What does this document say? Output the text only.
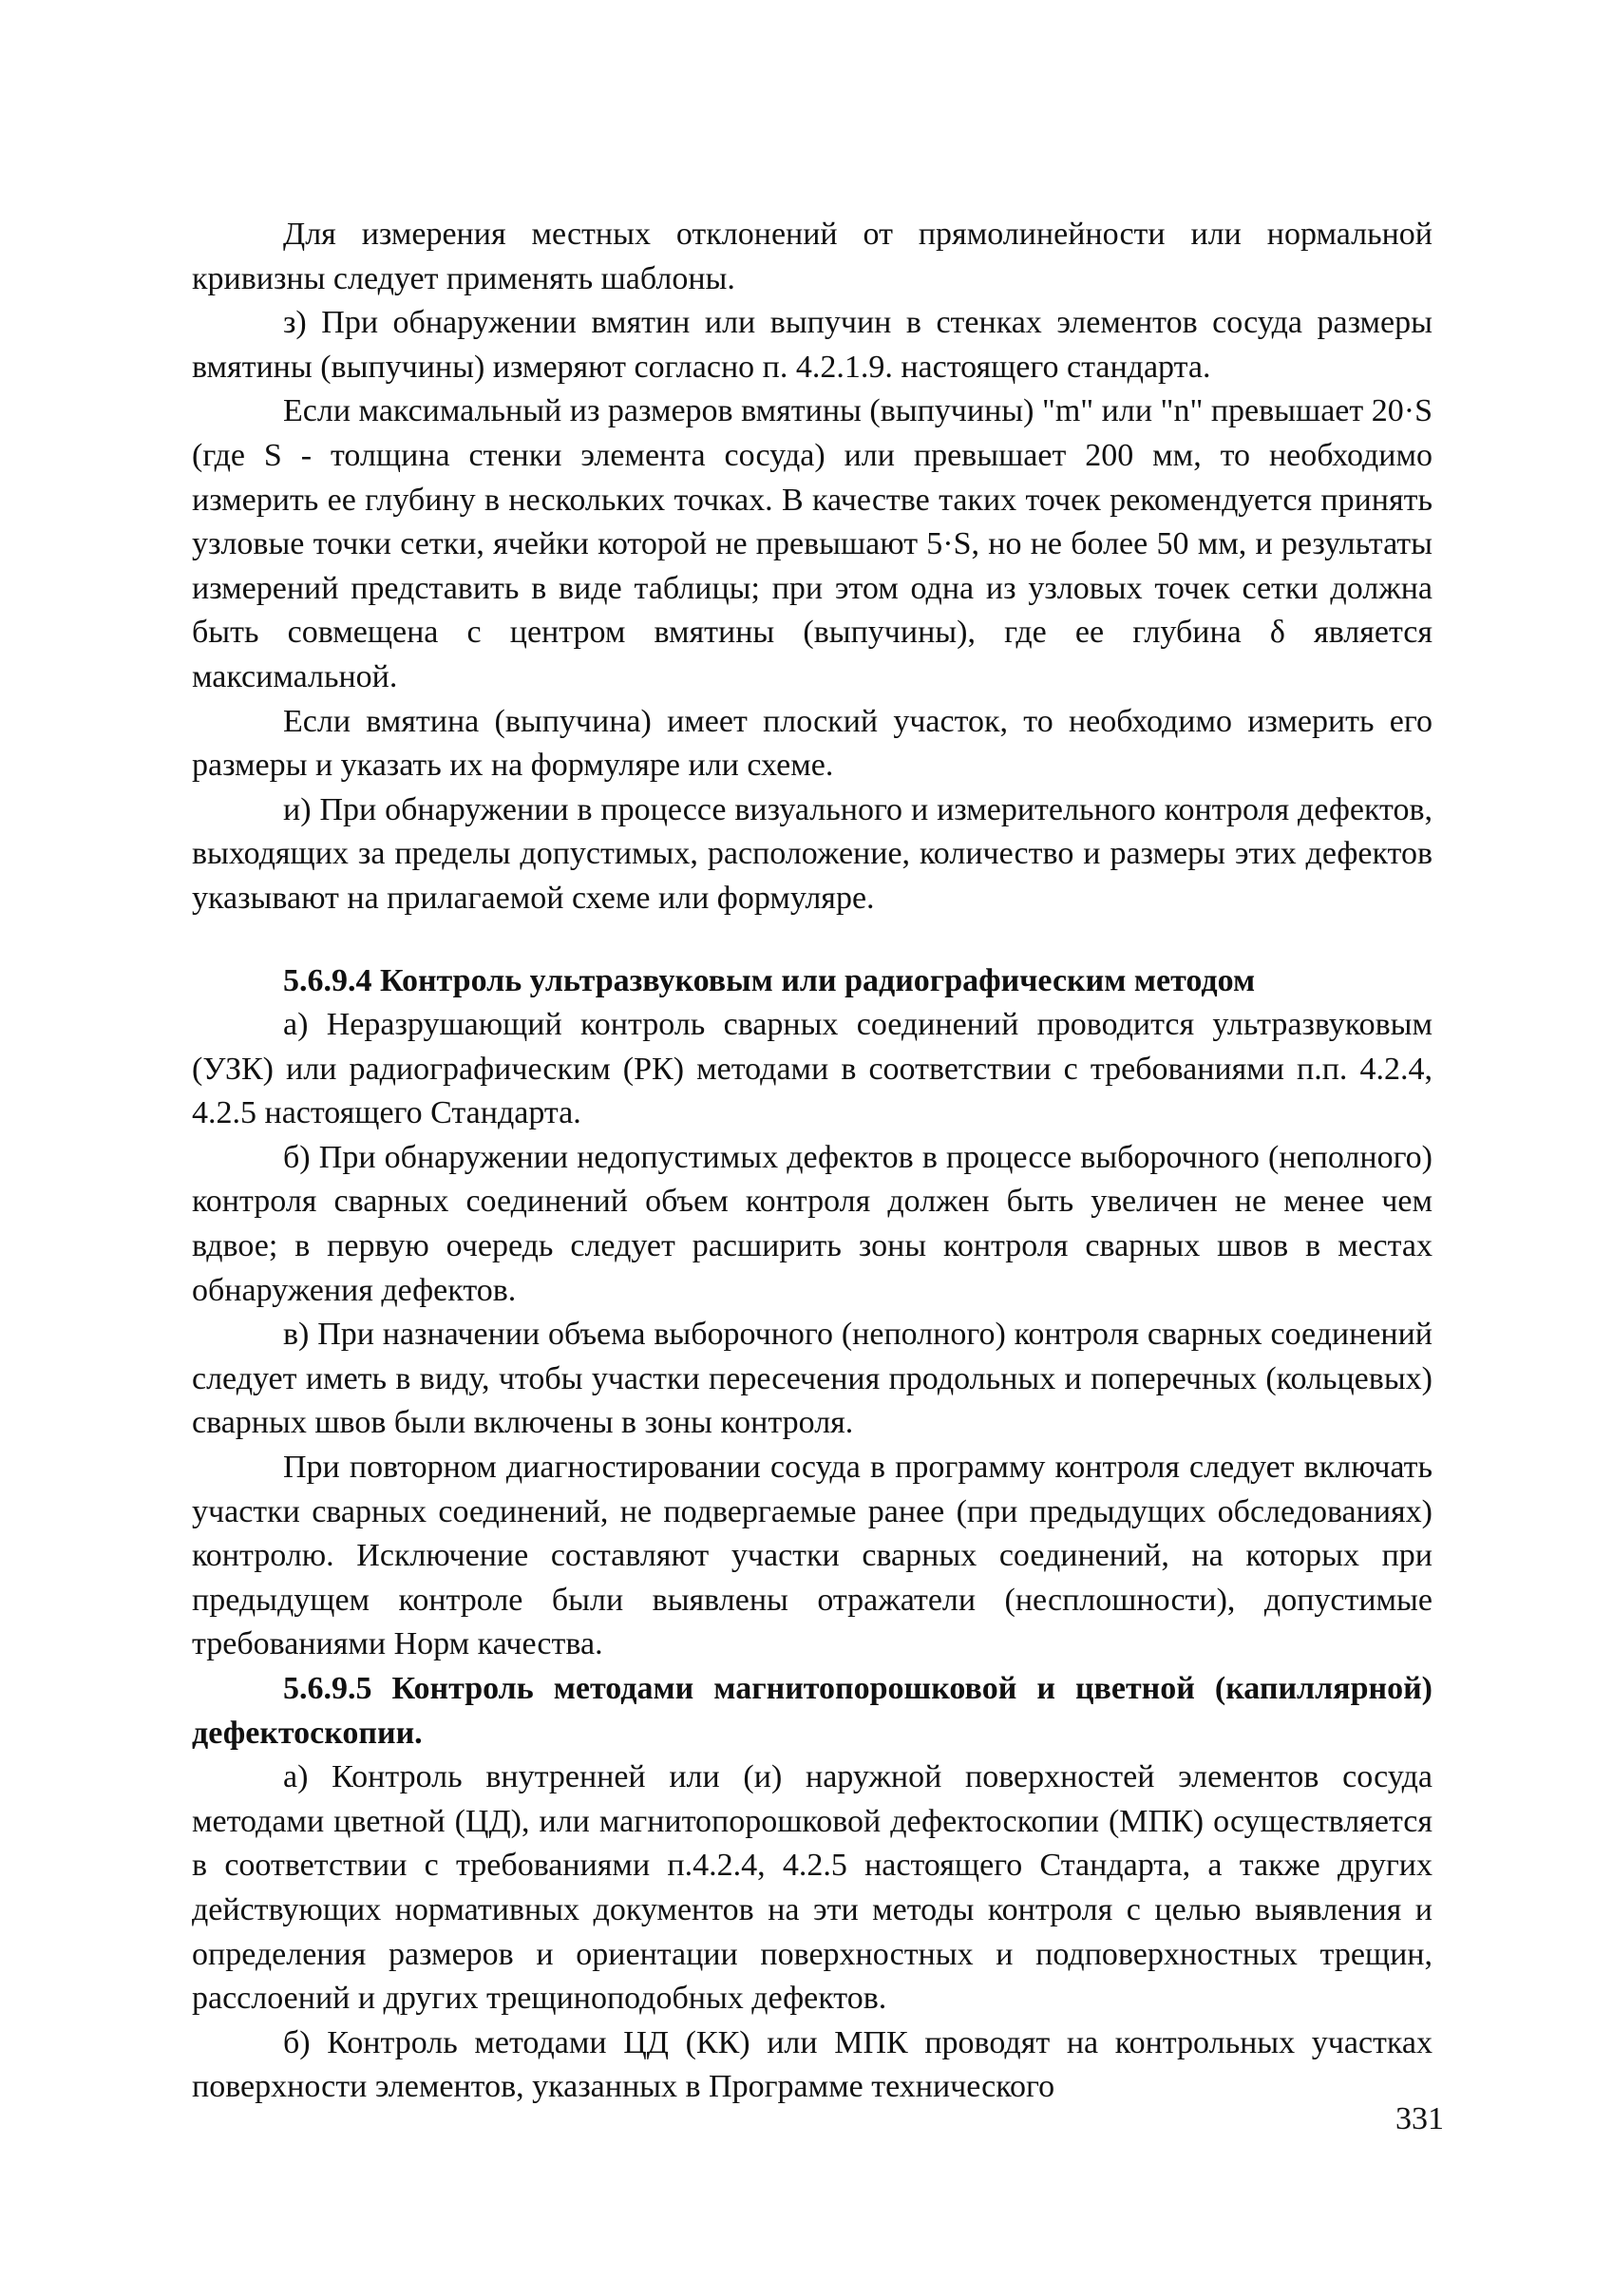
Для измерения местных отклонений от прямолинейности или нормальной кривизны следует применять шаблоны.

з) При обнаружении вмятин или выпучин в стенках элементов сосуда размеры вмятины (выпучины) измеряют согласно п. 4.2.1.9. настоящего стандарта.

Если максимальный из размеров вмятины (выпучины) "m" или "n" превышает 20·S (где S - толщина стенки элемента сосуда) или превышает 200 мм, то необходимо измерить ее глубину в нескольких точках. В качестве таких точек рекомендуется принять узловые точки сетки, ячейки которой не превышают 5·S, но не более 50 мм, и результаты измерений представить в виде таблицы; при этом одна из узловых точек сетки должна быть совмещена с центром вмятины (выпучины), где ее глубина δ является максимальной.

Если вмятина (выпучина) имеет плоский участок, то необходимо измерить его размеры и указать их на формуляре или схеме.

и) При обнаружении в процессе визуального и измерительного контроля дефектов, выходящих за пределы допустимых, расположение, количество и размеры этих дефектов указывают на прилагаемой схеме или формуляре.

5.6.9.4 Контроль ультразвуковым или радиографическим методом

а) Неразрушающий контроль сварных соединений проводится ультразвуковым (УЗК) или радиографическим (РК) методами в соответствии с требованиями п.п. 4.2.4, 4.2.5 настоящего Стандарта.

б) При обнаружении недопустимых дефектов в процессе выборочного (неполного) контроля сварных соединений объем контроля должен быть увеличен не менее чем вдвое; в первую очередь следует расширить зоны контроля сварных швов в местах обнаружения дефектов.

в) При назначении объема выборочного (неполного) контроля сварных соединений следует иметь в виду, чтобы участки пересечения продольных и поперечных (кольцевых) сварных швов были включены в зоны контроля.

При повторном диагностировании сосуда в программу контроля следует включать участки сварных соединений, не подвергаемые ранее (при предыдущих обследованиях) контролю. Исключение составляют участки сварных соединений, на которых при предыдущем контроле были выявлены отражатели (несплошности), допустимые требованиями Норм качества.

5.6.9.5 Контроль методами магнитопорошковой и цветной (капиллярной) дефектоскопии.

а) Контроль внутренней или (и) наружной поверхностей элементов сосуда методами цветной (ЦД), или магнитопорошковой дефектоскопии (МПК) осуществляется в соответствии с требованиями п.4.2.4, 4.2.5 настоящего Стандарта, а также других действующих нормативных документов на эти методы контроля с целью выявления и определения размеров и ориентации поверхностных и подповерхностных трещин, расслоений и других трещиноподобных дефектов.

б) Контроль методами ЦД (КК) или МПК проводят на контрольных участках поверхности элементов, указанных в Программе технического

331
